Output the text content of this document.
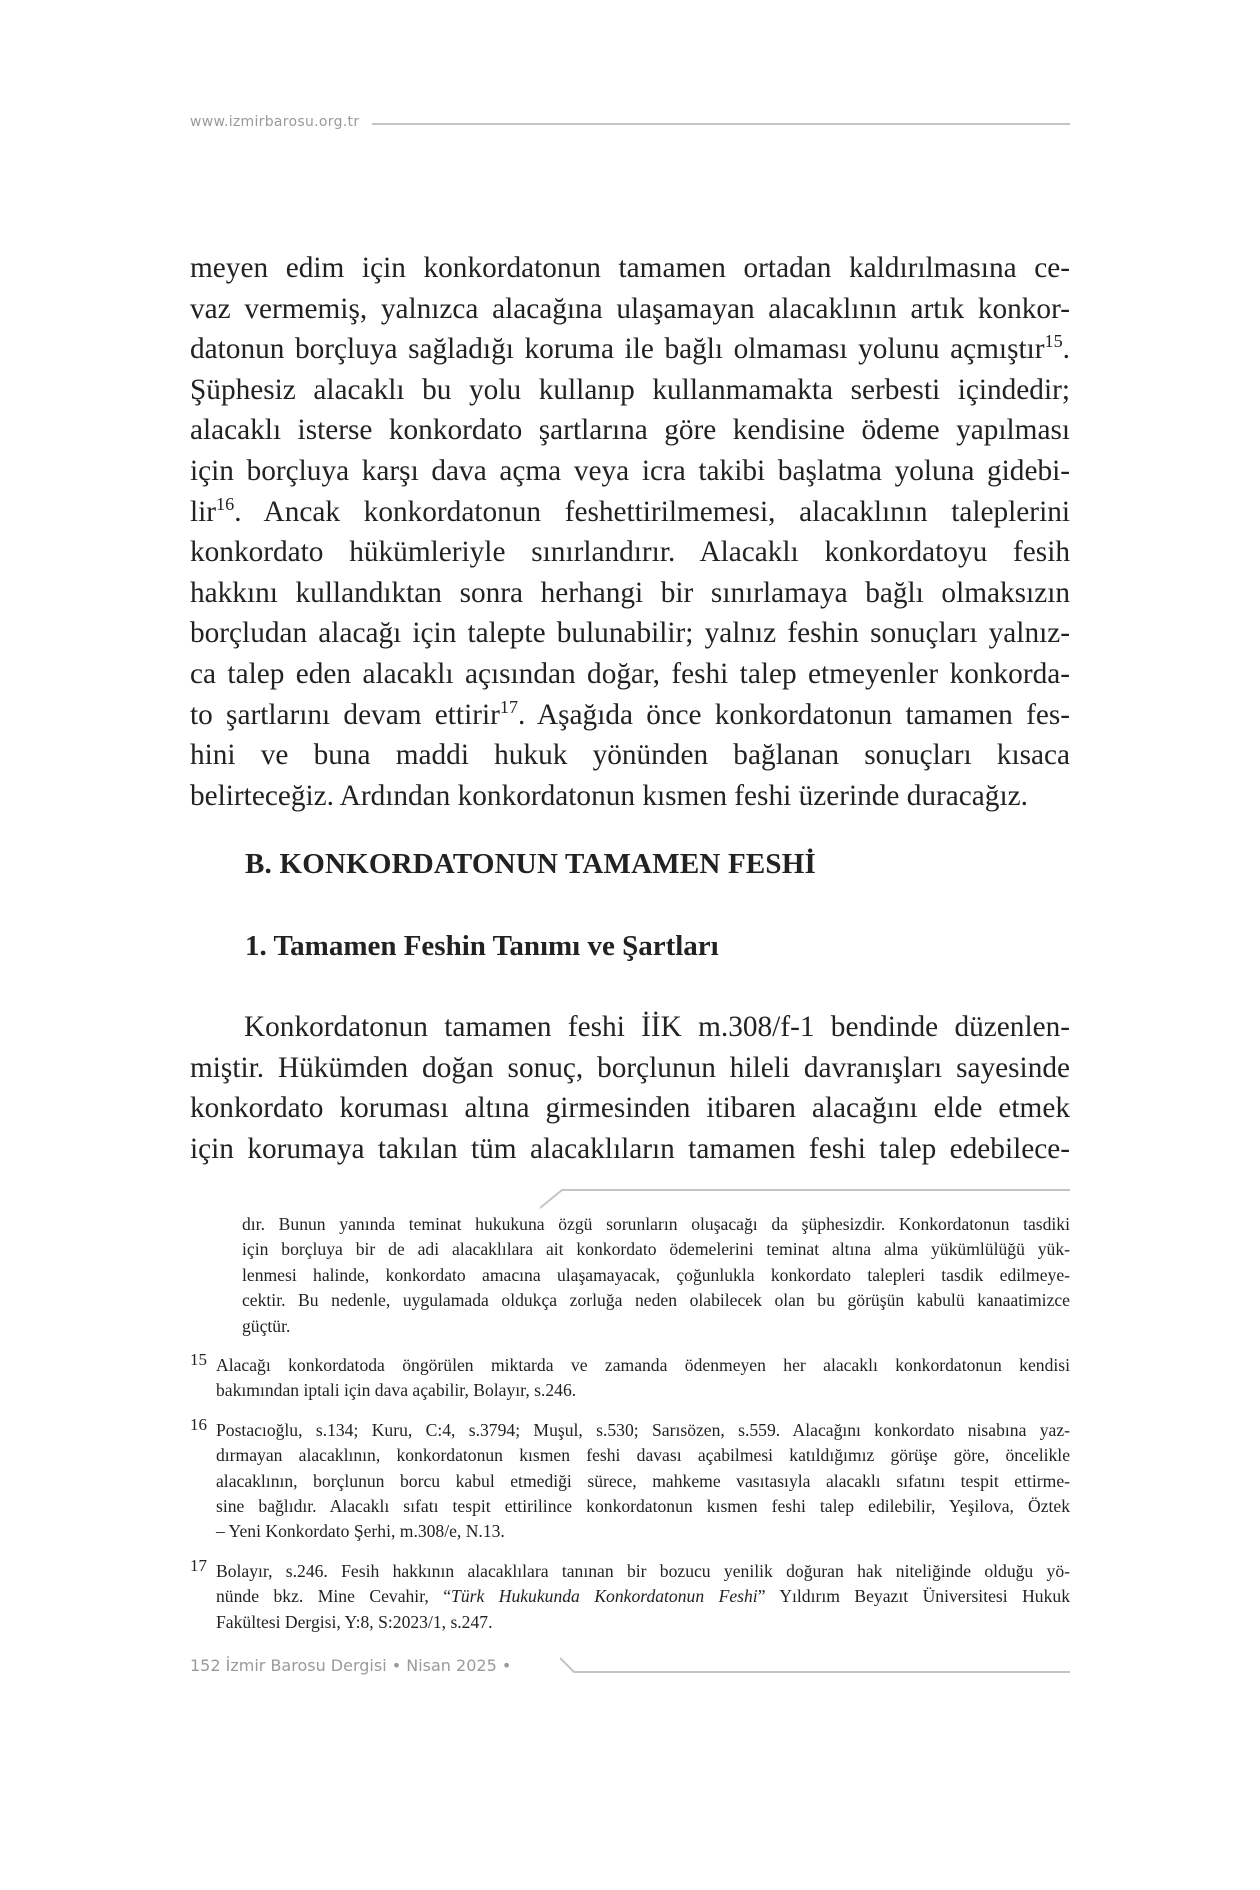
www.izmirbarosu.org.tr

meyen edim için konkordatonun tamamen ortadan kaldırılmasına ce-
vaz vermemiş, yalnızca alacağına ulaşamayan alacaklının artık konkor-
datonun borçluya sağladığı koruma ile bağlı olmaması yolunu açmıştır$^{15}$.
Şüphesiz alacaklı bu yolu kullanıp kullanmamakta serbesti içindedir;
alacaklı isterse konkordato şartlarına göre kendisine ödeme yapılması
için borçluya karşı dava açma veya icra takibi başlatma yoluna gidebi-
lir$^{16}$. Ancak konkordatonun feshettirilmemesi, alacaklının taleplerini
konkordato hükümleriyle sınırlandırır. Alacaklı konkordatoyu fesih
hakkını kullandıktan sonra herhangi bir sınırlamaya bağlı olmaksızın
borçludan alacağı için talepte bulunabilir; yalnız feshin sonuçları yalnız-
ca talep eden alacaklı açısından doğar, feshi talep etmeyenler konkorda-
to şartlarını devam ettirir$^{17}$. Aşağıda önce konkordatonun tamamen fes-
hini ve buna maddi hukuk yönünden bağlanan sonuçları kısaca
belirteceğiz. Ardından konkordatonun kısmen feshi üzerinde duracağız.

B. KONKORDATONUN TAMAMEN FESHİ
1. Tamamen Feshin Tanımı ve Şartları

Konkordatonun tamamen feshi İİK m.308/f-1 bendinde düzenlen-
miştir. Hükümden doğan sonuç, borçlunun hileli davranışları sayesinde
konkordato koruması altına girmesinden itibaren alacağını elde etmek
için korumaya takılan tüm alacaklıların tamamen feshi talep edebilece-

dır. Bunun yanında teminat hukukuna özgü sorunların oluşacağı da şüphesizdir. Konkordatonun tasdiki
için borçluya bir de adi alacaklılara ait konkordato ödemelerini teminat altına alma yükümlülüğü yük-
lenmesi halinde, konkordato amacına ulaşamayacak, çoğunlukla konkordato talepleri tasdik edilmeye-
cektir. Bu nedenle, uygulamada oldukça zorluğa neden olabilecek olan bu görüşün kabulü kanaatimizce
güçtür.
15 Alacağı konkordatoda öngörülen miktarda ve zamanda ödenmeyen her alacaklı konkordatonun kendisi
bakımından iptali için dava açabilir, Bolayır, s.246.
16 Postacıoğlu, s.134; Kuru, C:4, s.3794; Muşul, s.530; Sarısözen, s.559. Alacağını konkordato nisabına yaz-
dırmayan alacaklının, konkordatonun kısmen feshi davası açabilmesi katıldığımız görüşe göre, öncelikle
alacaklının, borçlunun borcu kabul etmediği sürece, mahkeme vasıtasıyla alacaklı sıfatını tespit ettirme-
sine bağlıdır. Alacaklı sıfatı tespit ettirilince konkordatonun kısmen feshi talep edilebilir, Yeşilova, Öztek
– Yeni Konkordato Şerhi, m.308/e, N.13.
17 Bolayır, s.246. Fesih hakkının alacaklılara tanınan bir bozucu yenilik doğuran hak niteliğinde olduğu yö-
nünde bkz. Mine Cevahir, “Türk Hukukunda Konkordatonun Feshi” Yıldırım Beyazıt Üniversitesi Hukuk
Fakültesi Dergisi, Y:8, S:2023/1, s.247.
152 İzmir Barosu Dergisi • Nisan 2025 •
